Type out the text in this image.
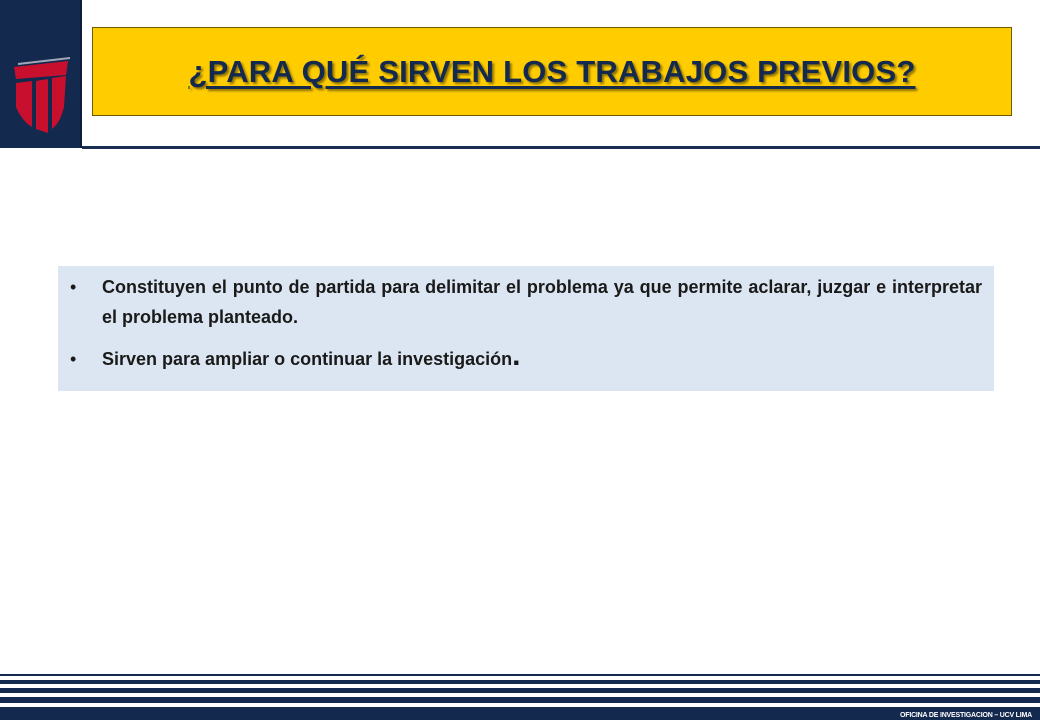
¿PARA QUÉ SIRVEN LOS TRABAJOS PREVIOS?
•	Constituyen el punto de partida para delimitar el problema ya que permite aclarar, juzgar e interpretar el problema planteado.
•	Sirven para ampliar o continuar la investigación.
OFICINA DE INVESTIGACION – UCV LIMA
